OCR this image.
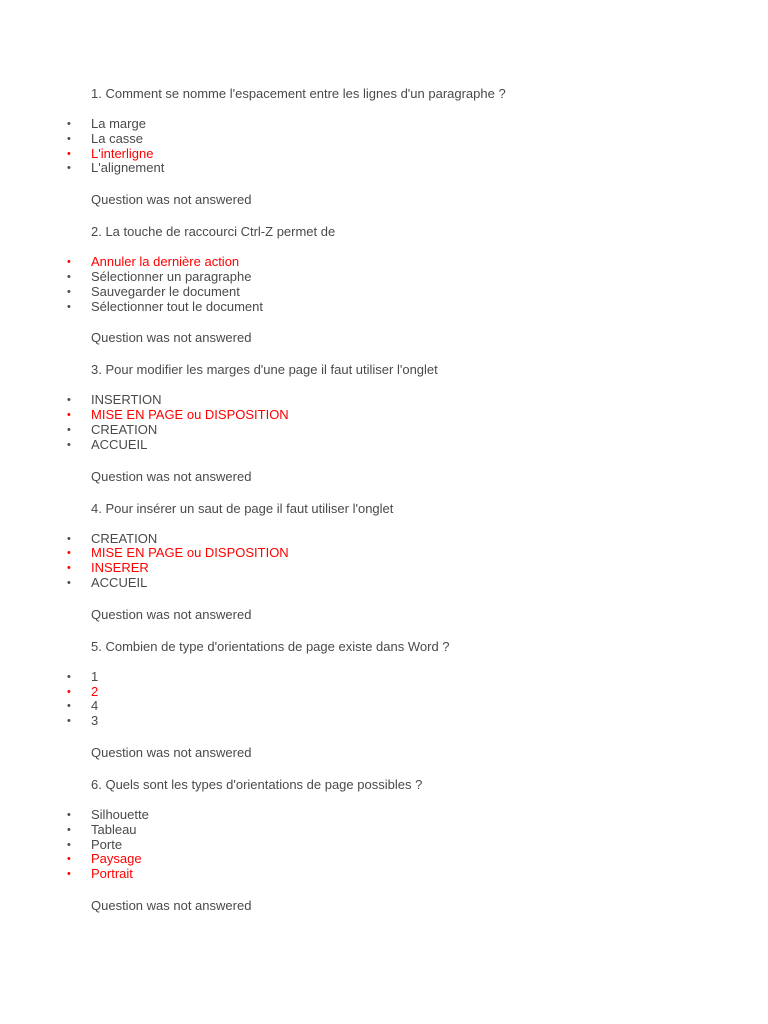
1. Comment se nomme l'espacement entre les lignes d'un paragraphe ?

• La marge
• La casse
• L'interligne
• L'alignement

Question was not answered

2. La touche de raccourci Ctrl-Z permet de

• Annuler la dernière action
• Sélectionner un paragraphe
• Sauvegarder le document
• Sélectionner tout le document

Question was not answered

3. Pour modifier les marges d'une page il faut utiliser l'onglet

• INSERTION
• MISE EN PAGE ou DISPOSITION
• CREATION
• ACCUEIL

Question was not answered

4. Pour insérer un saut de page il faut utiliser l'onglet

• CREATION
• MISE EN PAGE ou DISPOSITION
• INSERER
• ACCUEIL

Question was not answered

5. Combien de type d'orientations de page existe dans Word ?

• 1
• 2
• 4
• 3

Question was not answered

6. Quels sont les types d'orientations de page possibles ?

• Silhouette
• Tableau
• Porte
• Paysage
• Portrait

Question was not answered
